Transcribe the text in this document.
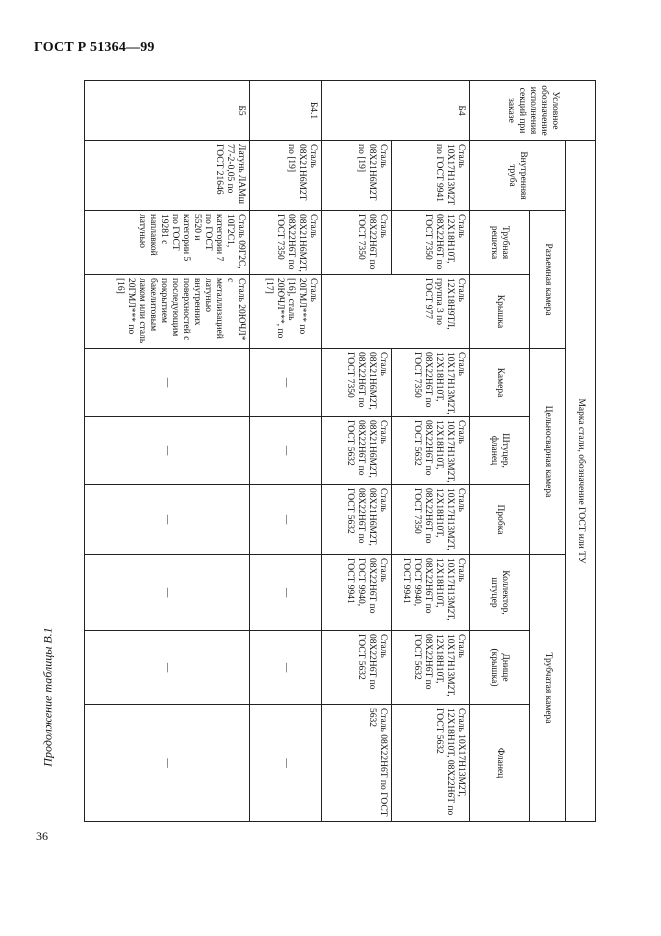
ГОСТ Р 51364—99
Продолжение таблицы В.1
36
Условное обозначение исполнения секций при заказе	Марка стали, обозначение ГОСТ или ТУ								
	Внутренняя труба	Разъемная камера		Цельносварная камера			Трубчатая камера		
		Трубная решетка	Крышка	Камера	Штуцер, фланец	Пробка	Коллектор, штуцер	Днище (крышка)	Фланец
Б4	Сталь 10Х17Н13М2Т по ГОСТ 9941	Сталь 12Х18Н10Т, 08Х22Н6Т по ГОСТ 7350	Сталь 12Х18Н9ТЛ, группа 3 по ГОСТ 977	Сталь 10Х17Н13М2Т, 12Х18Н10Т, 08Х22Н6Т по ГОСТ 7350	Сталь 10Х17Н13М2Т, 12Х18Н10Т, 08Х22Н6Т по ГОСТ 5632	Сталь 10Х17Н13М2Т, 12Х18Н10Т, 08Х22Н6Т по ГОСТ 7350	Сталь 10Х17Н13М2Т, 12Х18Н10Т, 08Х22Н6Т по ГОСТ 9940, ГОСТ 9941	Сталь 10Х17Н13М2Т, 12Х18Н10Т, 08Х22Н6Т по ГОСТ 5632	Сталь 10Х17Н13М2Т, 12Х18Н10Т, 08Х22Н6Т по ГОСТ 5632
	Сталь 08Х21Н6М2Т по [19]	Сталь 08Х22Н6Т по ГОСТ 7350		Сталь 08Х21Н6М2Т, 08Х22Н6Т по ГОСТ 7350	Сталь 08Х21Н6М2Т, 08Х22Н6Т по ГОСТ 5632	Сталь 08Х21Н6М2Т, 08Х22Н6Т по ГОСТ 5632	Сталь 08Х22Н6Т по ГОСТ 9940, ГОСТ 9941	Сталь 08Х22Н6Т по ГОСТ 5632	Сталь 08Х22Н6Т по ГОСТ 5632
Б4.1	Сталь 08Х21Н6М2Т по [19]	Сталь 08Х21Н6М2Т, 08Х22Н6Т по ГОСТ 7350	Сталь 20ГМЛ*** по [16], сталь 20ЮЧЛ***, по [17]	—	—	—	—	—	—
Б5	Латунь ЛАМш 77-2-0,05 по ГОСТ 21646	Сталь 09Г2С, 10Г2С1, категории 7 по ГОСТ 5520 и категории 5 по ГОСТ 19281 с наплавкой латунью	Сталь 20ЮЧЛ* с металлизацией латунью внутренних поверхностей с последующим покрытием бакелитовым лаком или сталь 20ГМЛ*** по [16]	—	—	—	—	—	—
